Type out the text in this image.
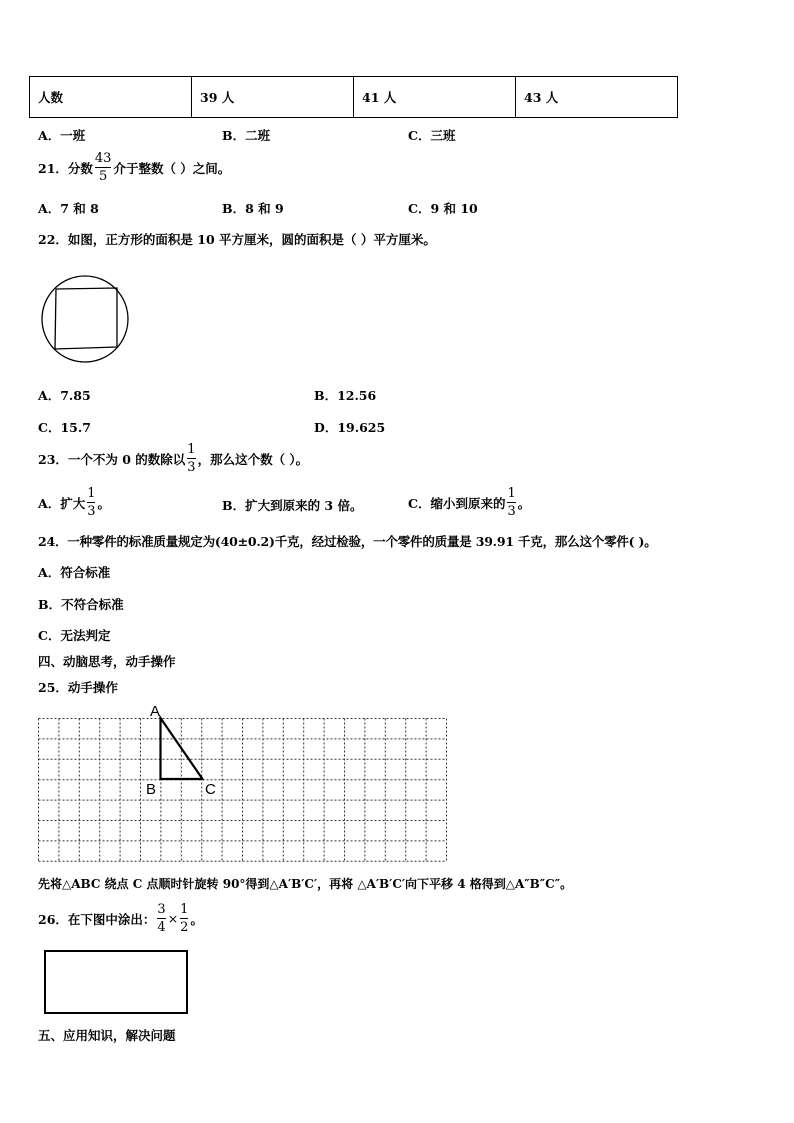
人数	39 人	41 人	43 人
A．一班	B．二班	C．三班
21．分数 $\frac{43}{5}$ 介于整数（ ）之间。
A．7 和 8	B．8 和 9	C．9 和 10
22．如图，正方形的面积是 10 平方厘米，圆的面积是（ ）平方厘米。
A．7.85	B．12.56
C．15.7	D．19.625
23．一个不为 0 的数除以 $\frac{1}{3}$ ，那么这个数（ ）。
A．扩大 $\frac{1}{3}$ 。	B．扩大到原来的 3 倍。	C．缩小到原来的 $\frac{1}{3}$ 。
24．一种零件的标准质量规定为(40±0.2)千克，经过检验，一个零件的质量是 39.91 千克，那么这个零件( )。
A．符合标准
B．不符合标准
C．无法判定
四、动脑思考，动手操作
25．动手操作
A
B	C
先将△ABC 绕点 C 点顺时针旋转 90°得到△A′B′C′，再将 △A′B′C′向下平移 4 格得到△A″B″C″。
26．在下图中涂出： $\frac{3}{4} \times \frac{1}{2}$ 。
五、应用知识，解决问题
